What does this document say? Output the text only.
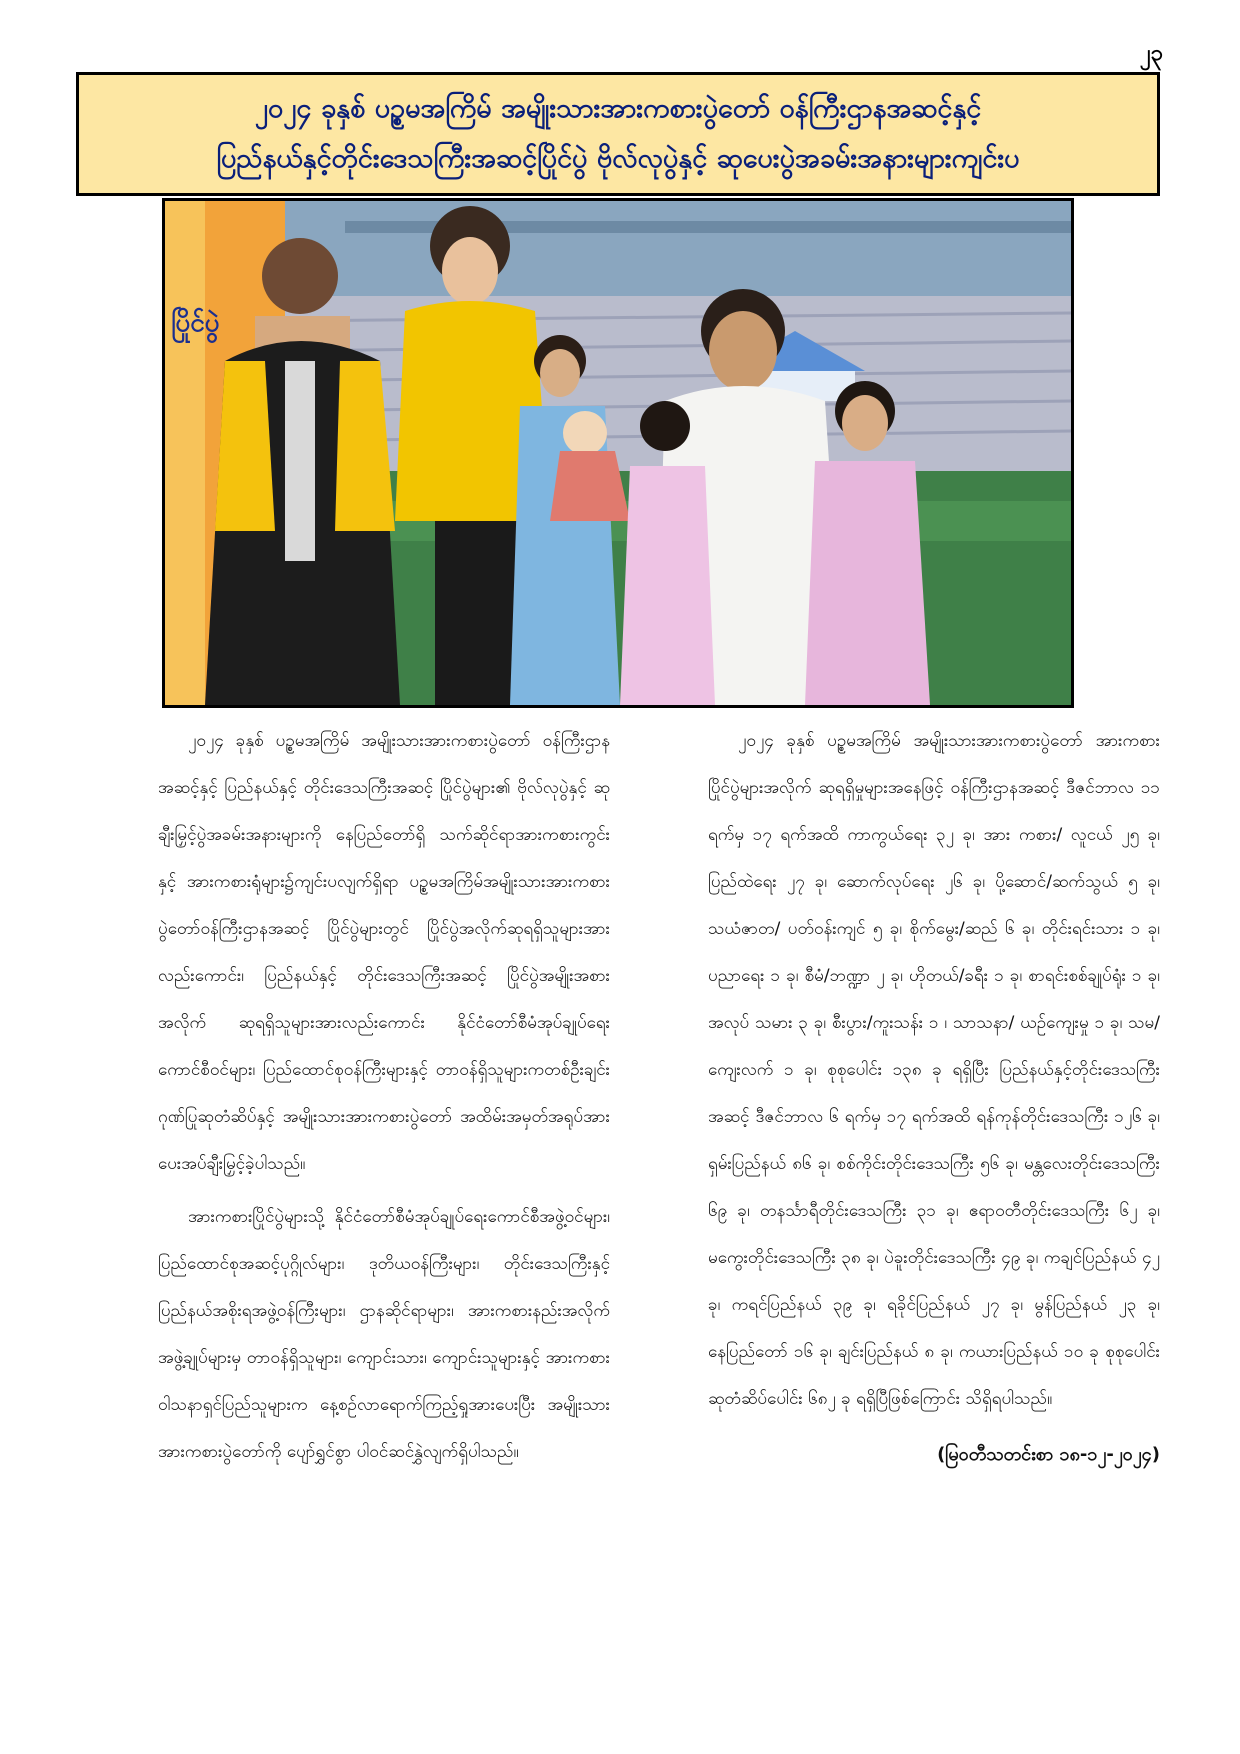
၂၃
၂၀၂၄ ခုနှစ် ပဉ္စမအကြိမ် အမျိုးသားအားကစားပွဲတော် ဝန်ကြီးဌာနအဆင့်နှင့်
ပြည်နယ်နှင့်တိုင်းဒေသကြီးအဆင့်ပြိုင်ပွဲ ဗိုလ်လုပွဲနှင့် ဆုပေးပွဲအခမ်းအနားများကျင်းပ
ပြိုင်ပွဲ

၂၀၂၄ ခုနှစ် ပဉ္စမအကြိမ် အမျိုးသားအားကစားပွဲတော် ဝန်ကြီးဌာနအဆင့်နှင့် ပြည်နယ်နှင့် တိုင်းဒေသကြီးအဆင့် ပြိုင်ပွဲများ၏ ဗိုလ်လုပွဲနှင့် ဆုချီးမြှင့်ပွဲအခမ်းအနားများကို နေပြည်တော်ရှိ သက်ဆိုင်ရာအားကစားကွင်းနှင့် အားကစားရုံများ၌ကျင်းပလျက်ရှိရာ ပဉ္စမအကြိမ်အမျိုးသားအားကစားပွဲတော်ဝန်ကြီးဌာနအဆင့် ပြိုင်ပွဲများတွင် ပြိုင်ပွဲအလိုက်ဆုရရှိသူများအားလည်းကောင်း၊ ပြည်နယ်နှင့် တိုင်းဒေသကြီးအဆင့် ပြိုင်ပွဲအမျိုးအစားအလိုက် ဆုရရှိသူများအားလည်းကောင်း နိုင်ငံတော်စီမံအုပ်ချုပ်ရေးကောင်စီဝင်များ၊ ပြည်ထောင်စုဝန်ကြီးများနှင့် တာဝန်ရှိသူများကတစ်ဦးချင်း ဂုဏ်ပြုဆုတံဆိပ်နှင့် အမျိုးသားအားကစားပွဲတော် အထိမ်းအမှတ်အရုပ်အား ပေးအပ်ချီးမြှင့်ခဲ့ပါသည်။

အားကစားပြိုင်ပွဲများသို့ နိုင်ငံတော်စီမံအုပ်ချုပ်ရေးကောင်စီအဖွဲ့ဝင်များ၊ ပြည်ထောင်စုအဆင့်ပုဂ္ဂိုလ်များ၊ ဒုတိယဝန်ကြီးများ၊ တိုင်းဒေသကြီးနှင့် ပြည်နယ်အစိုးရအဖွဲ့ဝန်ကြီးများ၊ ဌာနဆိုင်ရာများ၊ အားကစားနည်းအလိုက်အဖွဲ့ချုပ်များမှ တာဝန်ရှိသူများ၊ ကျောင်းသား၊ ကျောင်းသူများနှင့် အားကစားဝါသနာရှင်ပြည်သူများက နေ့စဉ်လာရောက်ကြည့်ရှုအားပေးပြီး အမျိုးသားအားကစားပွဲတော်ကို ပျော်ရွှင်စွာ ပါဝင်ဆင်နွှဲလျက်ရှိပါသည်။

၂၀၂၄ ခုနှစ် ပဉ္စမအကြိမ် အမျိုးသားအားကစားပွဲတော် အားကစားပြိုင်ပွဲများအလိုက် ဆုရရှိမှုများအနေဖြင့် ဝန်ကြီးဌာနအဆင့် ဒီဇင်ဘာလ ၁၁ ရက်မှ ၁၇ ရက်အထိ ကာကွယ်ရေး ၃၂ ခု၊ အား ကစား/ လူငယ် ၂၅ ခု၊ ပြည်ထဲရေး ၂၇ ခု၊ ဆောက်လုပ်ရေး ၂၆ ခု၊ ပို့ဆောင်/ဆက်သွယ် ၅ ခု၊ သယံဇာတ/ ပတ်ဝန်းကျင် ၅ ခု၊ စိုက်မွေး/ဆည် ၆ ခု၊ တိုင်းရင်းသား ၁ ခု၊ ပညာရေး ၁ ခု၊ စီမံ/ဘဏ္ဍာ ၂ ခု၊ ဟိုတယ်/ခရီး ၁ ခု၊ စာရင်းစစ်ချုပ်ရုံး ၁ ခု၊ အလုပ် သမား ၃ ခု၊ စီးပွား/ကူးသန်း ၁ ၊ သာသနာ/ ယဉ်ကျေးမှု ၁ ခု၊ သမ/ကျေးလက် ၁ ခု၊ စုစုပေါင်း ၁၃၈ ခု ရရှိပြီး ပြည်နယ်နှင့်တိုင်းဒေသကြီးအဆင့် ဒီဇင်ဘာလ ၆ ရက်မှ ၁၇ ရက်အထိ ရန်ကုန်တိုင်းဒေသကြီး ၁၂၆ ခု၊ ရှမ်းပြည်နယ် ၈၆ ခု၊ စစ်ကိုင်းတိုင်းဒေသကြီး ၅၆ ခု၊ မန္တလေးတိုင်းဒေသကြီး ၆၉ ခု၊ တနင်္သာရီတိုင်းဒေသကြီး ၃၁ ခု၊ ဧရာဝတီတိုင်းဒေသကြီး ၆၂ ခု၊ မကွေးတိုင်းဒေသကြီး ၃၈ ခု၊ ပဲခူးတိုင်းဒေသကြီး ၄၉ ခု၊ ကချင်ပြည်နယ် ၄၂ ခု၊ ကရင်ပြည်နယ် ၃၉ ခု၊ ရခိုင်ပြည်နယ် ၂၇ ခု၊ မွန်ပြည်နယ် ၂၃ ခု၊ နေပြည်တော် ၁၆ ခု၊ ချင်းပြည်နယ် ၈ ခု၊ ကယားပြည်နယ် ၁၀ ခု စုစုပေါင်း ဆုတံဆိပ်ပေါင်း ၆၈၂ ခု ရရှိပြီဖြစ်ကြောင်း သိရှိရပါသည်။

(မြဝတီသတင်းစာ ၁၈-၁၂-၂၀၂၄)
